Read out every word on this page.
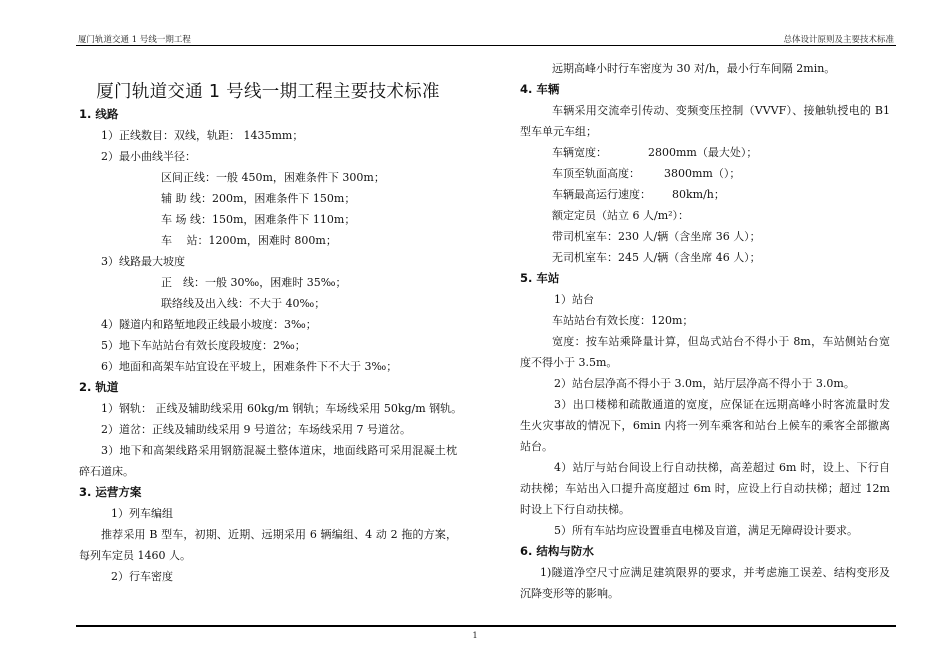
厦门轨道交通 1 号线一期工程	总体设计原则及主要技术标准
厦门轨道交通 1 号线一期工程主要技术标准
1. 线路
1）正线数目：双线，轨距： 1435mm；
2）最小曲线半径：
区间正线：一般 450m，困难条件下 300m；
辅 助 线：200m，困难条件下 150m；
车 场 线：150m，困难条件下 110m；
车　 站：1200m，困难时 800m；
3）线路最大坡度
正　线：一般 30‰，困难时 35‰；
联络线及出入线：不大于 40‰；
4）隧道内和路堑地段正线最小坡度：3‰；
5）地下车站站台有效长度段坡度：2‰；
6）地面和高架车站宜设在平坡上，困难条件下不大于 3‰；
2. 轨道
1）钢轨： 正线及辅助线采用 60kg/m 钢轨；车场线采用 50kg/m 钢轨。
2）道岔：正线及辅助线采用 9 号道岔；车场线采用 7 号道岔。
3）地下和高架线路采用钢筋混凝土整体道床，地面线路可采用混凝土枕碎石道床。
3. 运营方案
1）列车编组
推荐采用 B 型车，初期、近期、远期采用 6 辆编组、4 动 2 拖的方案，每列车定员 1460 人。
2）行车密度
远期高峰小时行车密度为 30 对/h，最小行车间隔 2min。
4. 车辆
车辆采用交流牵引传动、变频变压控制（VVVF）、接触轨授电的 B1 型车单元车组；
车辆宽度：	2800mm（最大处）；
车顶至轨面高度： 3800mm（）；
车辆最高运行速度： 80km/h；
额定定员（站立 6 人/m²）：
带司机室车：230 人/辆（含坐席 36 人）；
无司机室车：245 人/辆（含坐席 46 人）；
5. 车站
1）站台
车站站台有效长度：120m；
宽度：按车站乘降量计算，但岛式站台不得小于 8m，车站侧站台宽度不得小于 3.5m。
2）站台层净高不得小于 3.0m，站厅层净高不得小于 3.0m。
3）出口楼梯和疏散通道的宽度，应保证在远期高峰小时客流量时发生火灾事故的情况下，6min 内将一列车乘客和站台上候车的乘客全部撤离站台。
4）站厅与站台间设上行自动扶梯，高差超过 6m 时，设上、下行自动扶梯；车站出入口提升高度超过 6m 时，应设上行自动扶梯；超过 12m 时设上下行自动扶梯。
5）所有车站均应设置垂直电梯及盲道，满足无障碍设计要求。
6. 结构与防水
1)隧道净空尺寸应满足建筑限界的要求，并考虑施工误差、结构变形及沉降变形等的影响。
1
